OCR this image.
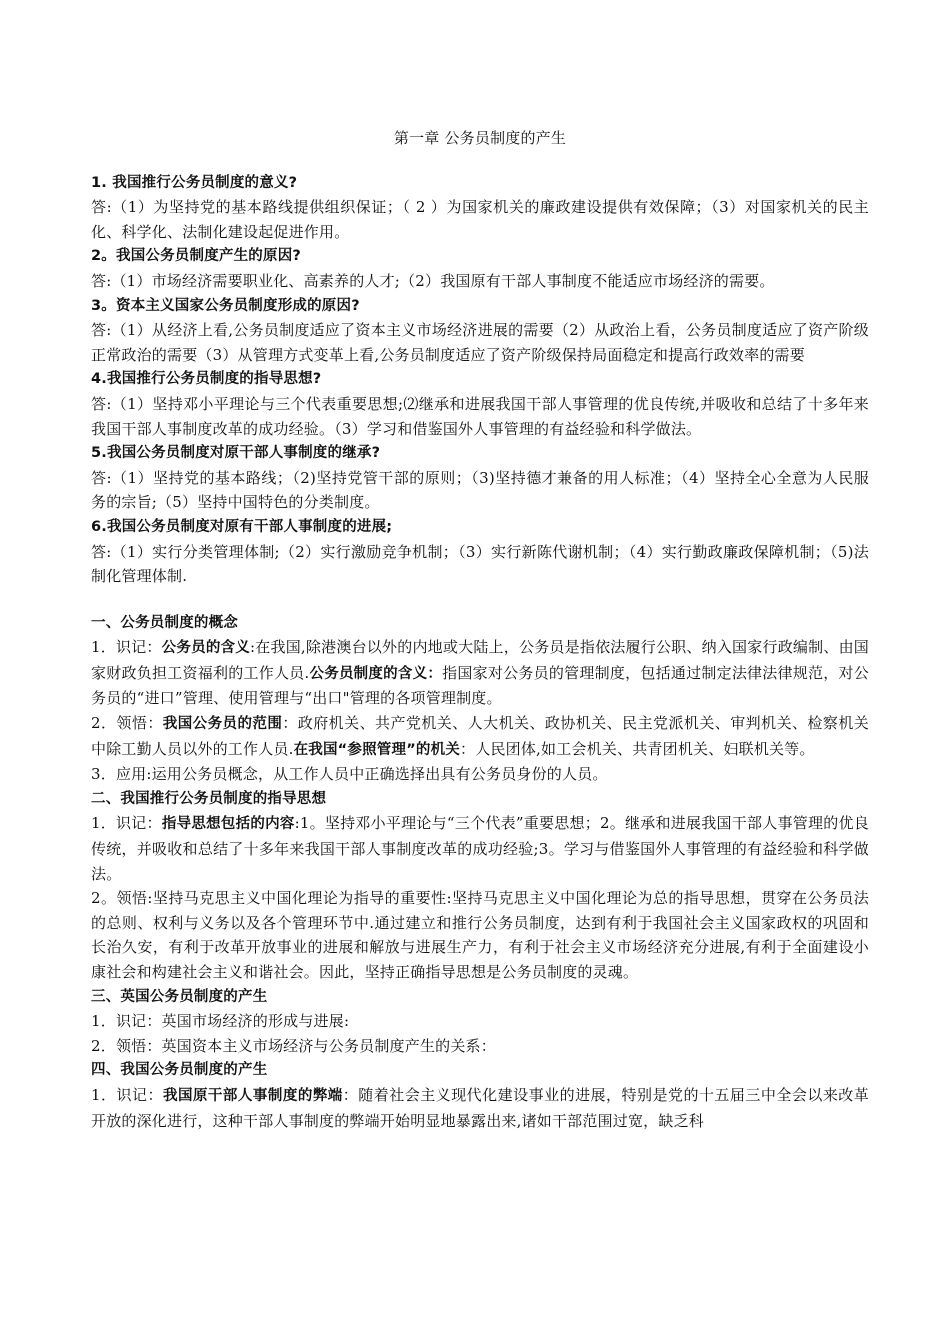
第一章 公务员制度的产生

1. 我国推行公务员制度的意义?

答:（1）为坚持党的基本路线提供组织保证；（ 2 ）为国家机关的廉政建设提供有效保障；（3）对国家机关的民主化、科学化、法制化建设起促进作用。

2。我国公务员制度产生的原因?

答:（1）市场经济需要职业化、高素养的人才;（2）我国原有干部人事制度不能适应市场经济的需要。

3。资本主义国家公务员制度形成的原因?

答:（1）从经济上看,公务员制度适应了资本主义市场经济进展的需要（2）从政治上看，公务员制度适应了资产阶级正常政治的需要（3）从管理方式变革上看,公务员制度适应了资产阶级保持局面稳定和提高行政效率的需要

4.我国推行公务员制度的指导思想?

答:（1）坚持邓小平理论与三个代表重要思想;⑵继承和进展我国干部人事管理的优良传统,并吸收和总结了十多年来我国干部人事制度改革的成功经验。（3）学习和借鉴国外人事管理的有益经验和科学做法。

5.我国公务员制度对原干部人事制度的继承?

答:（1）坚持党的基本路线；（2)坚持党管干部的原则；（3)坚持德才兼备的用人标准；（4）坚持全心全意为人民服务的宗旨;（5）坚持中国特色的分类制度。

6.我国公务员制度对原有干部人事制度的进展;

答:（1）实行分类管理体制;（2）实行激励竞争机制；（3）实行新陈代谢机制；（4）实行勤政廉政保障机制；（5)法制化管理体制.

一、公务员制度的概念

1．识记：公务员的含义:在我国,除港澳台以外的内地或大陆上，公务员是指依法履行公职、纳入国家行政编制、由国家财政负担工资福利的工作人员.公务员制度的含义：指国家对公务员的管理制度，包括通过制定法律法律规范，对公务员的“进口”管理、使用管理与“出口"管理的各项管理制度。

2．领悟：我国公务员的范围：政府机关、共产党机关、人大机关、政协机关、民主党派机关、审判机关、检察机关中除工勤人员以外的工作人员.在我国“参照管理”的机关：人民团体,如工会机关、共青团机关、妇联机关等。

3．应用:运用公务员概念，从工作人员中正确选择出具有公务员身份的人员。

二、我国推行公务员制度的指导思想

1．识记：指导思想包括的内容:1。坚持邓小平理论与“三个代表”重要思想；2。继承和进展我国干部人事管理的优良传统，并吸收和总结了十多年来我国干部人事制度改革的成功经验;3。学习与借鉴国外人事管理的有益经验和科学做法。

2。领悟:坚持马克思主义中国化理论为指导的重要性:坚持马克思主义中国化理论为总的指导思想，贯穿在公务员法的总则、权利与义务以及各个管理环节中.通过建立和推行公务员制度，达到有利于我国社会主义国家政权的巩固和长治久安，有利于改革开放事业的进展和解放与进展生产力，有利于社会主义市场经济充分进展,有利于全面建设小康社会和构建社会主义和谐社会。因此，坚持正确指导思想是公务员制度的灵魂。

三、英国公务员制度的产生

1．识记：英国市场经济的形成与进展:

2．领悟：英国资本主义市场经济与公务员制度产生的关系：

四、我国公务员制度的产生

1．识记：我国原干部人事制度的弊端：随着社会主义现代化建设事业的进展，特别是党的十五届三中全会以来改革开放的深化进行，这种干部人事制度的弊端开始明显地暴露出来,诸如干部范围过宽，缺乏科
